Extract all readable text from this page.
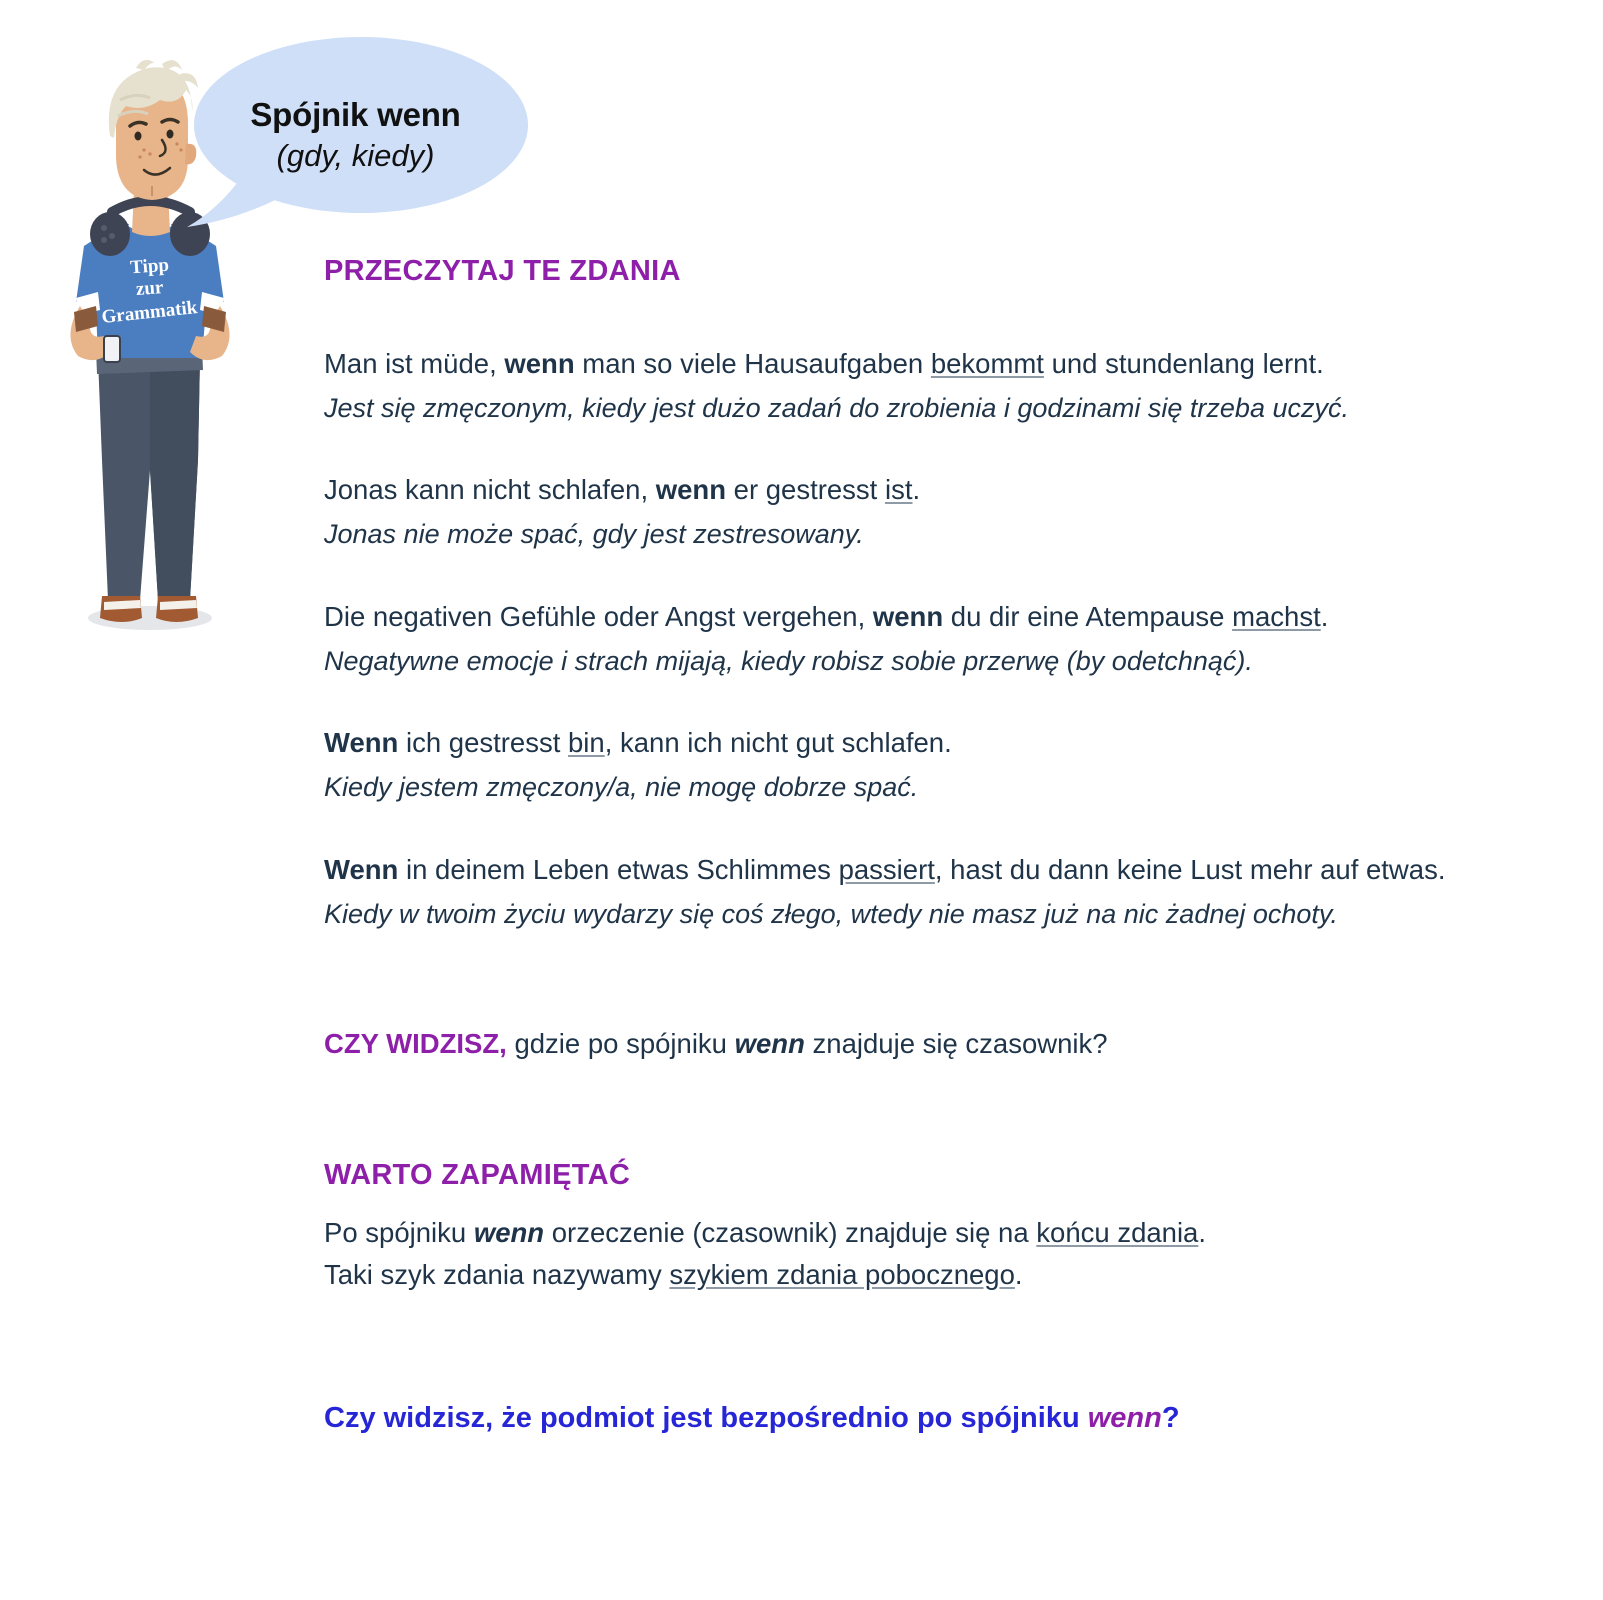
Tipp
zur
Grammatik
Spójnik wenn
(gdy, kiedy)
PRZECZYTAJ TE ZDANIA
Man ist müde, wenn man so viele Hausaufgaben bekommt und stundenlang lernt.
Jest się zmęczonym, kiedy jest dużo zadań do zrobienia i godzinami się trzeba uczyć.
Jonas kann nicht schlafen, wenn er gestresst ist.
Jonas nie może spać, gdy jest zestresowany.
Die negativen Gefühle oder Angst vergehen, wenn du dir eine Atempause machst.
Negatywne emocje i strach mijają, kiedy robisz sobie przerwę (by odetchnąć).
Wenn ich gestresst bin, kann ich nicht gut schlafen.
Kiedy jestem zmęczony/a, nie mogę dobrze spać.
Wenn in deinem Leben etwas Schlimmes passiert, hast du dann keine Lust mehr auf etwas.
Kiedy w twoim życiu wydarzy się coś złego, wtedy nie masz już na nic żadnej ochoty.
CZY WIDZISZ, gdzie po spójniku wenn znajduje się czasownik?
WARTO ZAPAMIĘTAĆ
Po spójniku wenn orzeczenie (czasownik) znajduje się na końcu zdania.
Taki szyk zdania nazywamy szykiem zdania pobocznego.
Czy widzisz, że podmiot jest bezpośrednio po spójniku wenn?
